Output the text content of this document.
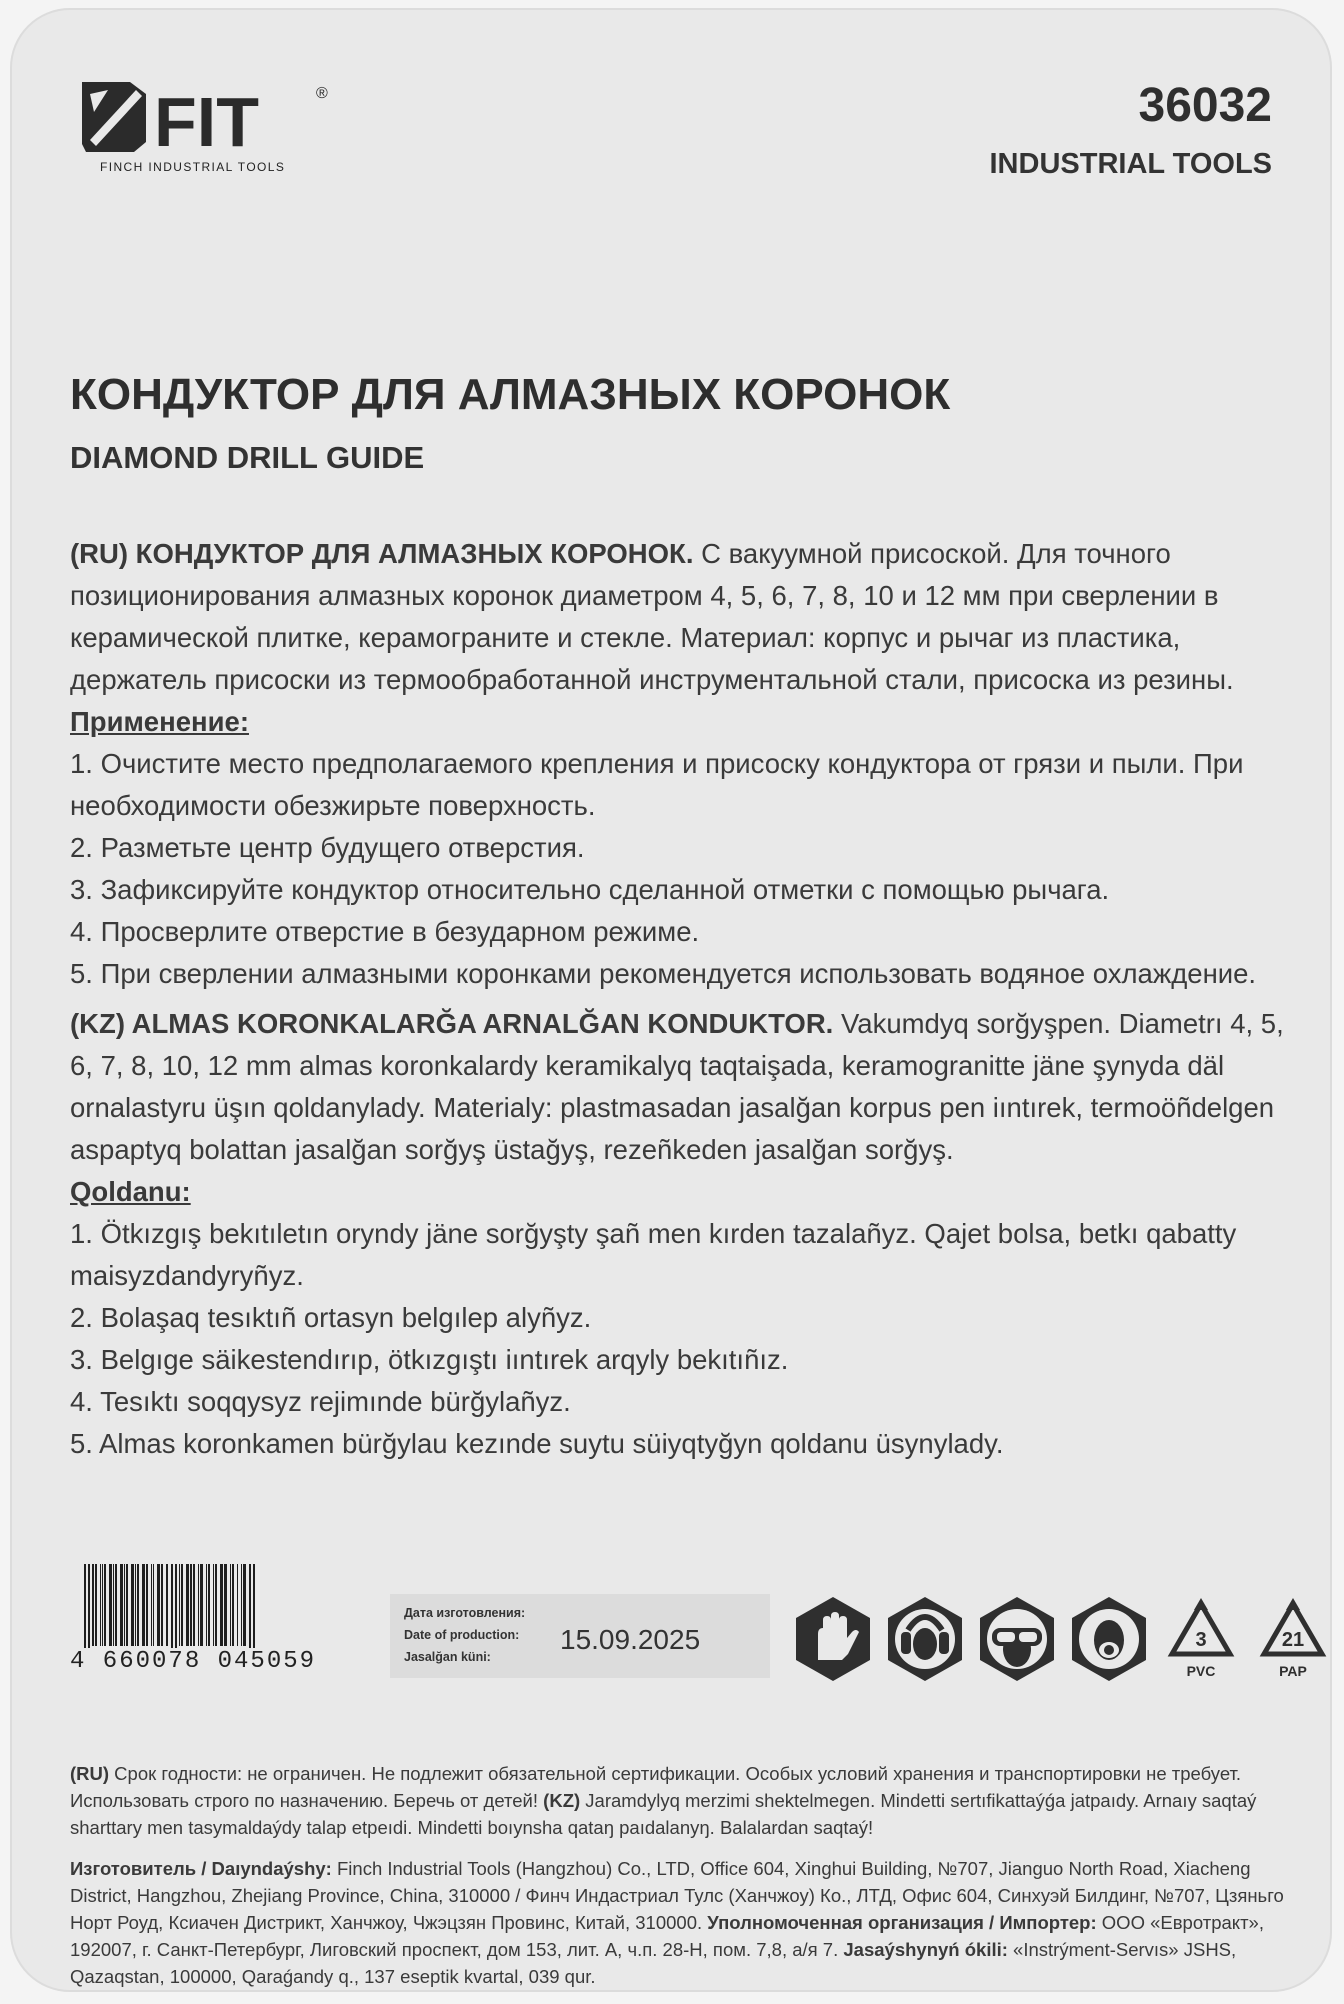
FIT	®
FINCH INDUSTRIAL TOOLS
36032
INDUSTRIAL TOOLS
КОНДУКТОР ДЛЯ АЛМАЗНЫХ КОРОНОК
DIAMOND DRILL GUIDE

(RU) КОНДУКТОР ДЛЯ АЛМАЗНЫХ КОРОНОК. С вакуумной присоской. Для точного позиционирования алмазных коронок диаметром 4, 5, 6, 7, 8, 10 и 12 мм при сверлении в керамической плитке, керамограните и стекле. Материал: корпус и рычаг из пластика, держатель присоски из термообработанной инструментальной стали, присоска из резины.

Применение:

1. Очистите место предполагаемого крепления и присоску кондуктора от грязи и пыли. При необходимости обезжирьте поверхность.

2. Разметьте центр будущего отверстия.

3. Зафиксируйте кондуктор относительно сделанной отметки с помощью рычага.

4. Просверлите отверстие в безударном режиме.

5. При сверлении алмазными коронками рекомендуется использовать водяное охлаждение.

(KZ) ALMAS KORONKALARĞA ARNALĞAN KONDUKTOR. Vakumdyq sorğyşpen. Diametrı 4, 5, 6, 7, 8, 10, 12 mm almas koronkalardy keramikalyq taqtaişada, keramogranitte jäne şynyda däl ornalastyru üşın qoldanylady. Materialy: plastmasadan jasalğan korpus pen iıntırek, termoöñdelgen aspaptyq bolattan jasalğan sorğyş üstağyş, rezeñkeden jasalğan sorğyş.

Qoldanu:

1. Ötkızgış bekıtıletın oryndy jäne sorğyşty şañ men kırden tazalañyz. Qajet bolsa, betkı qabatty maisyzdandyryñyz.

2. Bolaşaq tesıktıñ ortasyn belgılep alyñyz.

3. Belgıge säikestendırıp, ötkızgıştı iıntırek arqyly bekıtıñız.

4. Tesıktı soqqysyz rejimınde bürğylañyz.

5. Almas koronkamen bürğylau kezınde suytu süiyqtyğyn qoldanu üsynylady.

4 660078 045059
Дата изготовления:
Date of production:
Jasalğan küni:
15.09.2025	3
PVC
21
PAP

(RU) Срок годности: не ограничен. Не подлежит обязательной сертификации. Особых условий хранения и транспортировки не требует. Использовать строго по назначению. Беречь от детей! (KZ) Jaramdylyq merzimi shektelmegen. Mindetti sertıfikattaýǵa jatpaıdy. Arnaıy saqtaý sharttary men tasymaldaýdy talap etpeıdi. Mindetti boıynsha qataŋ paıdalanyŋ. Balalardan saqtaý!

Изготовитель / Daıyndaýshy: Finch Industrial Tools (Hangzhou) Co., LTD, Office 604, Xinghui Building, №707, Jianguo North Road, Xiacheng District, Hangzhou, Zhejiang Province, China, 310000 / Финч Индастриал Тулс (Ханчжоу) Ко., ЛТД, Офис 604, Синхуэй Билдинг, №707, Цзяньго Норт Роуд, Ксиачен Дистрикт, Ханчжоу, Чжэцзян Провинс, Китай, 310000. Уполномоченная организация / Импортер: ООО «Евротракт», 192007, г. Санкт-Петербург, Лиговский проспект, дом 153, лит. А, ч.п. 28-Н, пом. 7,8, а/я 7. Jasaýshynyń ókili: «Instrýment-Servıs» JSHS, Qazaqstan, 100000, Qaraǵandy q., 137 eseptik kvartal, 039 qur.
